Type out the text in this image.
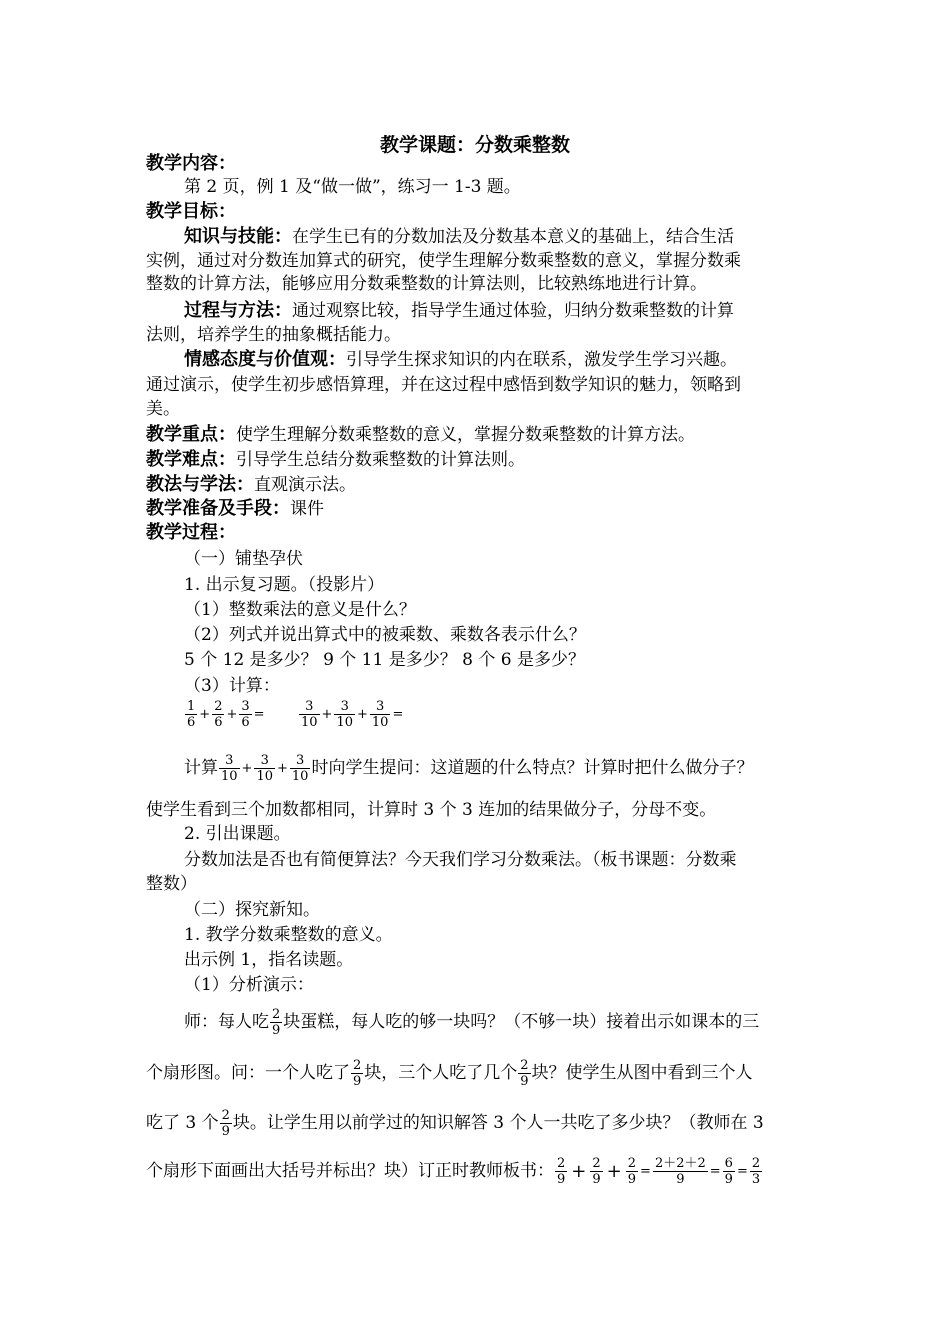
教学课题：分数乘整数
教学内容：
第 2 页，例 1 及“做一做”，练习一 1-3 题。
教学目标：
知识与技能：在学生已有的分数加法及分数基本意义的基础上，结合生活
实例，通过对分数连加算式的研究，使学生理解分数乘整数的意义，掌握分数乘
整数的计算方法，能够应用分数乘整数的计算法则，比较熟练地进行计算。
过程与方法：通过观察比较，指导学生通过体验，归纳分数乘整数的计算
法则，培养学生的抽象概括能力。
情感态度与价值观：引导学生探求知识的内在联系，激发学生学习兴趣。
通过演示，使学生初步感悟算理，并在这过程中感悟到数学知识的魅力，领略到
美。
教学重点：使学生理解分数乘整数的意义，掌握分数乘整数的计算方法。
教学难点：引导学生总结分数乘整数的计算法则。
教法与学法：直观演示法。
教学准备及手段：课件
教学过程：
（一）铺垫孕伏
1. 出示复习题。（投影片）
（1）整数乘法的意义是什么？
（2）列式并说出算式中的被乘数、乘数各表示什么？
5 个 12 是多少？ 9 个 11 是多少？ 8 个 6 是多少？
（3）计算：
$\frac{1}{6} + \frac{2}{6} + \frac{3}{6}$ =	$\frac{3}{10} + \frac{3}{10} + \frac{3}{10}$ =
计算 $\frac{3}{10} + \frac{3}{10} + \frac{3}{10}$ 时向学生提问：这道题的什么特点？计算时把什么做分子？
使学生看到三个加数都相同，计算时 3 个 3 连加的结果做分子，分母不变。
2. 引出课题。
分数加法是否也有简便算法？今天我们学习分数乘法。（板书课题：分数乘
整数）
（二）探究新知。
1. 教学分数乘整数的意义。
出示例 1，指名读题。
（1）分析演示：
师：每人吃 $\frac{2}{9}$ 块蛋糕，每人吃的够一块吗？（不够一块）接着出示如课本的三
个扇形图。问：一个人吃了 $\frac{2}{9}$ 块，三个人吃了几个 $\frac{2}{9}$ 块？使学生从图中看到三个人
吃了 3 个 $\frac{2}{9}$ 块。让学生用以前学过的知识解答 3 个人一共吃了多少块？（教师在 3
个扇形下面画出大括号并标出？块）订正时教师板书： $\frac{2}{9} + \frac{2}{9} + \frac{2}{9} = \frac{2+2+2}{9} = \frac{6}{9} = \frac{2}{3}$
